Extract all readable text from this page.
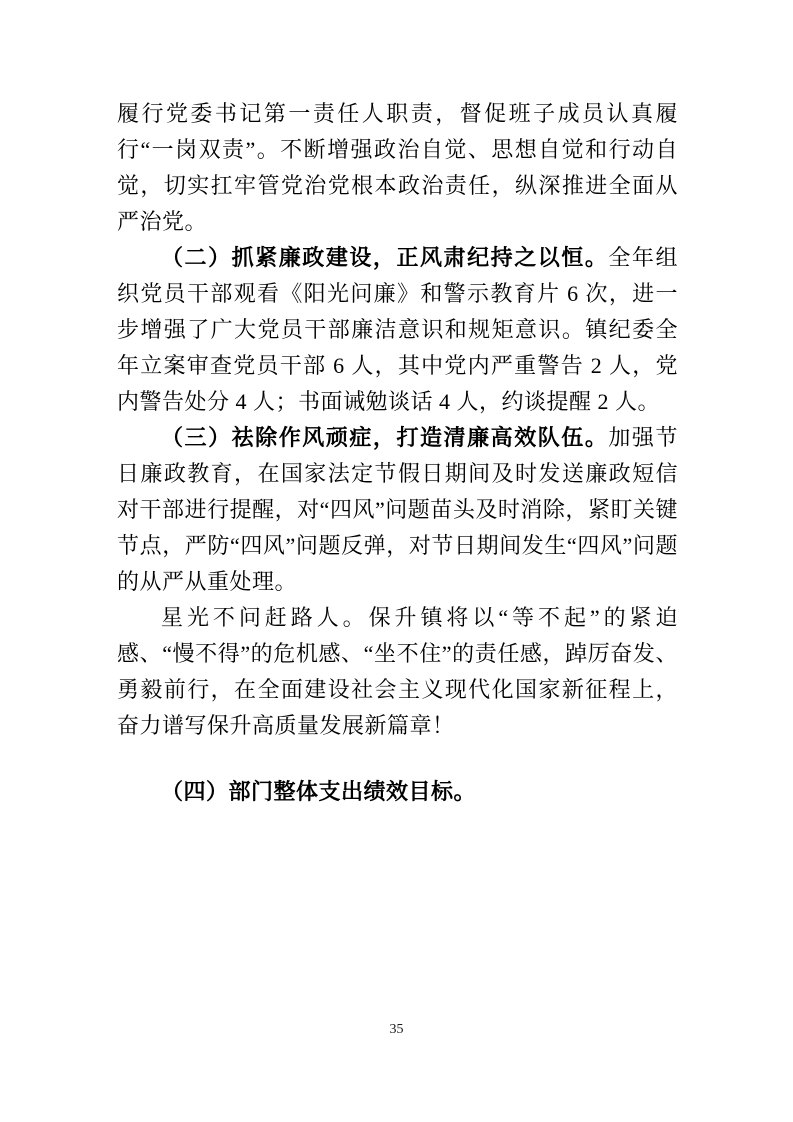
履行党委书记第一责任人职责，督促班子成员认真履行“一岗双责”。不断增强政治自觉、思想自觉和行动自觉，切实扛牢管党治党根本政治责任，纵深推进全面从严治党。

（二）抓紧廉政建设，正风肃纪持之以恒。全年组织党员干部观看《阳光问廉》和警示教育片 6 次，进一步增强了广大党员干部廉洁意识和规矩意识。镇纪委全年立案审查党员干部 6 人，其中党内严重警告 2 人，党内警告处分 4 人；书面诫勉谈话 4 人，约谈提醒 2 人。

（三）祛除作风顽症，打造清廉高效队伍。加强节日廉政教育，在国家法定节假日期间及时发送廉政短信对干部进行提醒，对“四风”问题苗头及时消除，紧盯关键节点，严防“四风”问题反弹，对节日期间发生“四风”问题的从严从重处理。

星光不问赶路人。保升镇将以“等不起”的紧迫感、“慢不得”的危机感、“坐不住”的责任感，踔厉奋发、勇毅前行，在全面建设社会主义现代化国家新征程上，奋力谱写保升高质量发展新篇章！

（四）部门整体支出绩效目标。

35
